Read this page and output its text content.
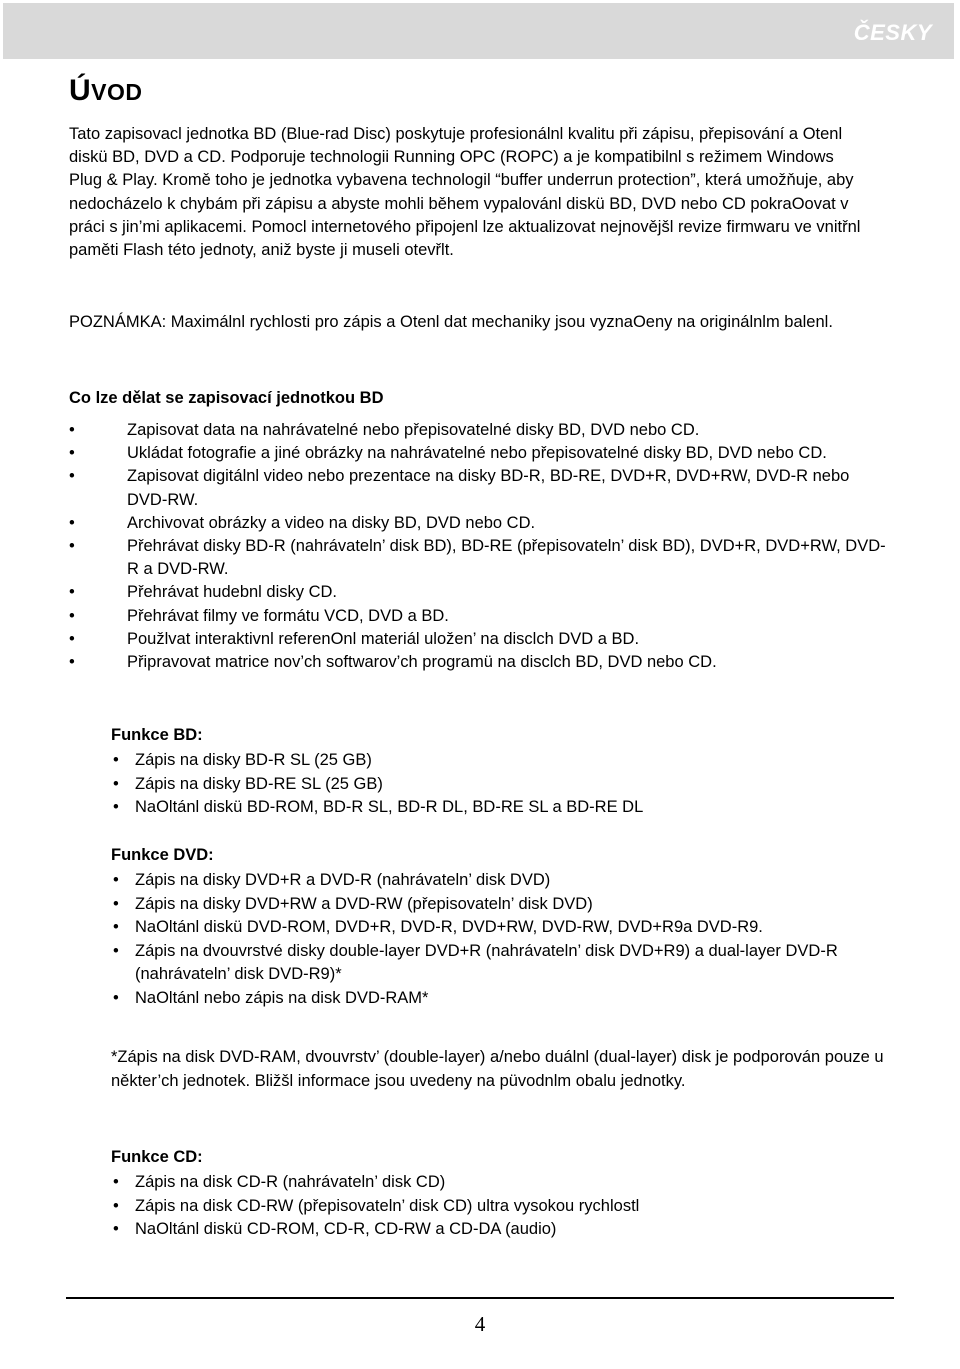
ČESKY
ÚVOD

Tato zapisovacl jednotka BD (Blue-rad Disc) poskytuje profesionálnl kvalitu při zápisu, přepisování a Otenl diskü BD, DVD a CD. Podporuje technologii Running OPC (ROPC) a je kompatibilnl s režimem Windows Plug & Play. Kromě toho je jednotka vybavena technologil “buffer underrun protection”, která umožňuje, aby nedocházelo k chybám při zápisu a abyste mohli během vypalovánl diskü BD, DVD nebo CD pokraOovat v práci s jin’mi aplikacemi. Pomocl internetového připojenl lze aktualizovat nejnovějšl revize firmwaru ve vnitřnl paměti Flash této jednoty, aniž byste ji museli otevřlt.

POZNÁMKA: Maximálnl rychlosti pro zápis a Otenl dat mechaniky jsou vyznaOeny na originálnlm balenl.

Co lze dělat se zapisovací jednotkou BD
• Zapisovat data na nahrávatelné nebo přepisovatelné disky BD, DVD nebo CD.
• Ukládat fotografie a jiné obrázky na nahrávatelné nebo přepisovatelné disky BD, DVD nebo CD.
• Zapisovat digitálnl video nebo prezentace na disky BD-R, BD-RE, DVD+R, DVD+RW, DVD-R nebo DVD-RW.
• Archivovat obrázky a video na disky BD, DVD nebo CD.
• Přehrávat disky BD-R (nahrávateln’ disk BD), BD-RE (přepisovateln’ disk BD), DVD+R, DVD+RW, DVD-R a DVD-RW.
• Přehrávat hudebnl disky CD.
• Přehrávat filmy ve formátu VCD, DVD a BD.
• Použlvat interaktivnl referenOnl materiál uložen’ na disclch DVD a BD.
• Připravovat matrice nov’ch softwarov’ch programü na disclch BD, DVD nebo CD.
Funkce BD:
• Zápis na disky BD-R SL (25 GB)
• Zápis na disky BD-RE SL (25 GB)
• NaOltánl diskü BD-ROM, BD-R SL, BD-R DL, BD-RE SL a BD-RE DL
Funkce DVD:
• Zápis na disky DVD+R a DVD-R (nahrávateln’ disk DVD)
• Zápis na disky DVD+RW a DVD-RW (přepisovateln’ disk DVD)
• NaOltánl diskü DVD-ROM, DVD+R, DVD-R, DVD+RW, DVD-RW, DVD+R9a DVD-R9.
• Zápis na dvouvrstvé disky double-layer DVD+R (nahrávateln’ disk DVD+R9) a dual-layer DVD-R (nahrávateln’ disk DVD-R9)*
• NaOltánl nebo zápis na disk DVD-RAM*

*Zápis na disk DVD-RAM, dvouvrstv’ (double-layer) a/nebo duálnl (dual-layer) disk je podporován pouze u někter’ch jednotek. Bližšl informace jsou uvedeny na püvodnlm obalu jednotky.

Funkce CD:
• Zápis na disk CD-R (nahrávateln’ disk CD)
• Zápis na disk CD-RW (přepisovateln’ disk CD) ultra vysokou rychlostl
• NaOltánl diskü CD-ROM, CD-R, CD-RW a CD-DA (audio)
4
